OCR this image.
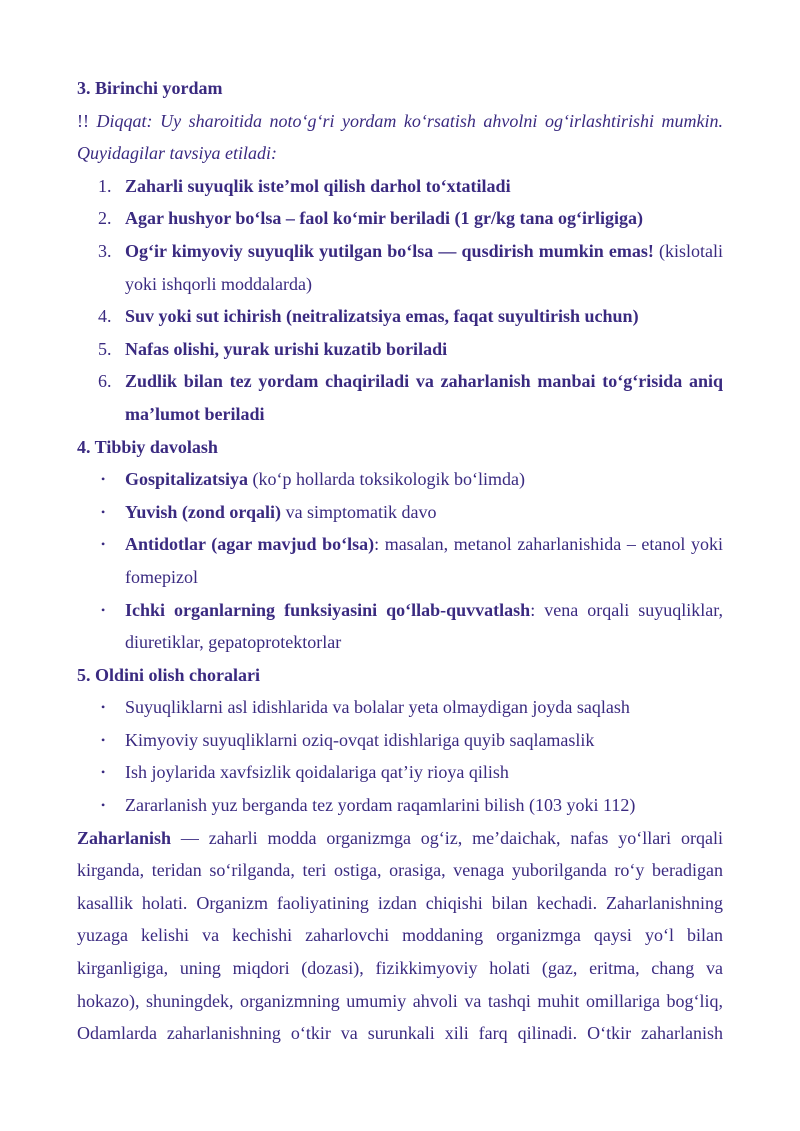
3. Birinchi yordam

!! Diqqat: Uy sharoitida noto‘g‘ri yordam ko‘rsatish ahvolni og‘irlashtirishi mumkin.

Quyidagilar tavsiya etiladi:

1. Zaharli suyuqlik iste’mol qilish darhol to‘xtatiladi
2. Agar hushyor bo‘lsa – faol ko‘mir beriladi (1 gr/kg tana og‘irligiga)
3. Og‘ir kimyoviy suyuqlik yutilgan bo‘lsa — qusdirish mumkin emas! (kislotali yoki ishqorli moddalarda)
4. Suv yoki sut ichirish (neitralizatsiya emas, faqat suyultirish uchun)
5. Nafas olishi, yurak urishi kuzatib boriladi
6. Zudlik bilan tez yordam chaqiriladi va zaharlanish manbai to‘g‘risida aniq ma’lumot beriladi

4. Tibbiy davolash

• Gospitalizatsiya (ko‘p hollarda toksikologik bo‘limda)
• Yuvish (zond orqali) va simptomatik davo
• Antidotlar (agar mavjud bo‘lsa): masalan, metanol zaharlanishida – etanol yoki fomepizol
• Ichki organlarning funksiyasini qo‘llab-quvvatlash: vena orqali suyuqliklar, diuretiklar, gepatoprotektorlar

5. Oldini olish choralari

• Suyuqliklarni asl idishlarida va bolalar yeta olmaydigan joyda saqlash
• Kimyoviy suyuqliklarni oziq-ovqat idishlariga quyib saqlamaslik
• Ish joylarida xavfsizlik qoidalariga qat’iy rioya qilish
• Zararlanish yuz berganda tez yordam raqamlarini bilish (103 yoki 112)

Zaharlanish — zaharli modda organizmga og‘iz, me’daichak, nafas yo‘llari orqali kirganda, teridan so‘rilganda, teri ostiga, orasiga, venaga yuborilganda ro‘y beradigan kasallik holati. Organizm faoliyatining izdan chiqishi bilan kechadi. Zaharlanishning yuzaga kelishi va kechishi zaharlovchi moddaning organizmga qaysi yo‘l bilan kirganligiga, uning miqdori (dozasi), fizikkimyoviy holati (gaz, eritma, chang va hokazo), shuningdek, organizmning umumiy ahvoli va tashqi muhit omillariga bog‘liq, Odamlarda zaharlanishning o‘tkir va surunkali xili farq qilinadi. O‘tkir zaharlanish
